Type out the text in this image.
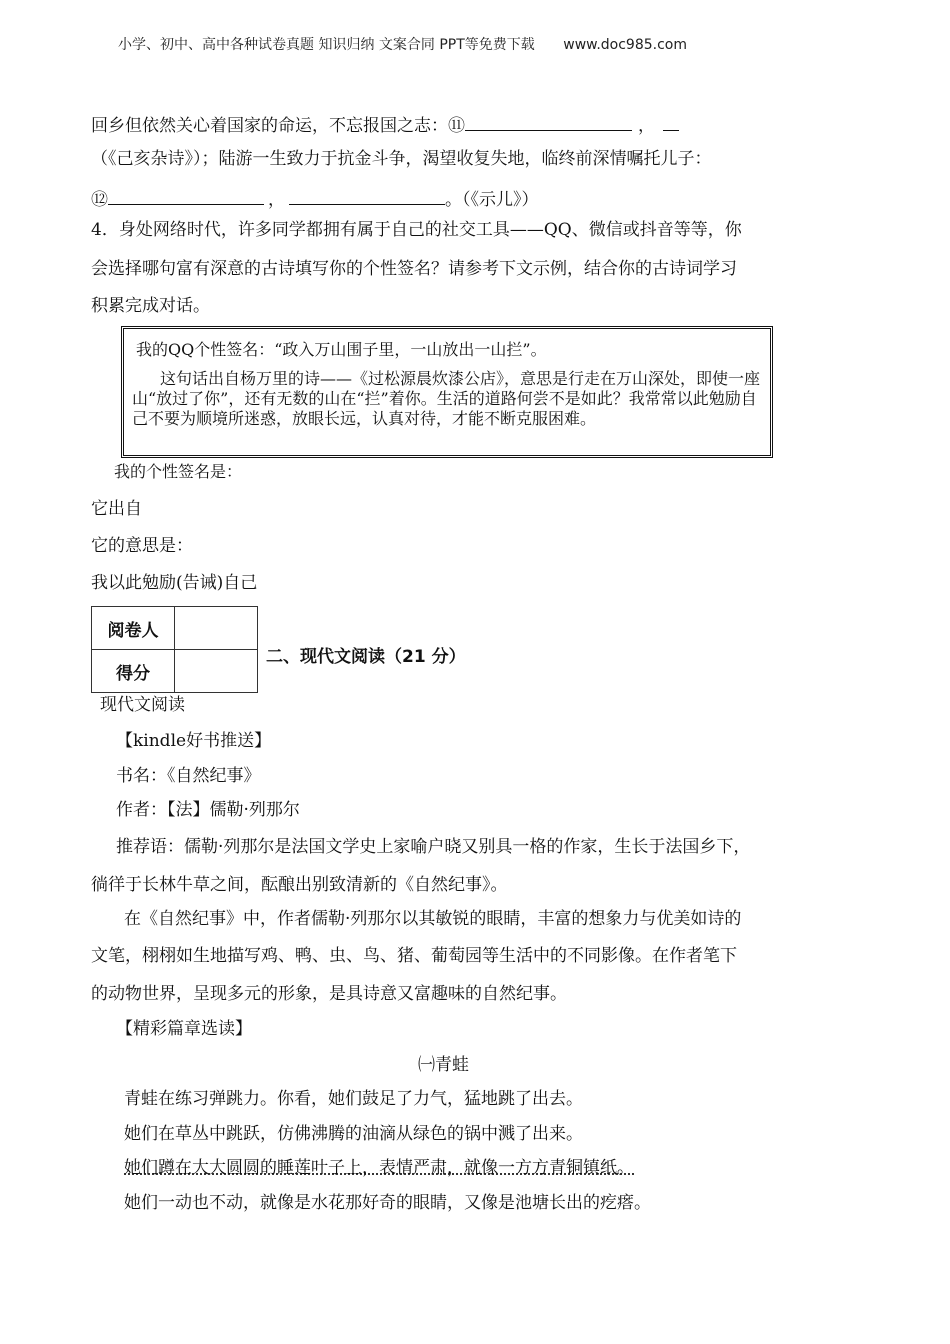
小学、初中、高中各种试卷真题 知识归纳 文案合同 PPT等免费下载 www.doc985.com
回乡但依然关心着国家的命运，不忘报国之志：⑪	，
（《己亥杂诗》）；陆游一生致力于抗金斗争，渴望收复失地，临终前深情嘱托儿子：
⑫	，	。（《示儿》）
4．身处网络时代，许多同学都拥有属于自己的社交工具——QQ、微信或抖音等等，你
会选择哪句富有深意的古诗填写你的个性签名？请参考下文示例，结合你的古诗词学习
积累完成对话。
我的QQ个性签名：“政入万山围子里，一山放出一山拦”。
这句话出自杨万里的诗——《过松源晨炊漆公店》，意思是行走在万山深处，即使一座山“放过了你”，还有无数的山在“拦”着你。生活的道路何尝不是如此？我常常以此勉励自己不要为顺境所迷惑，放眼长远，认真对待，才能不断克服困难。
我的个性签名是：
它出自
它的意思是：
我以此勉励(告诫)自己
阅卷人	
得分	
二、现代文阅读（21 分）
现代文阅读
【kindle好书推送】
书名：《自然纪事》
作者：【法】儒勒·列那尔
推荐语：儒勒·列那尔是法国文学史上家喻户晓又别具一格的作家，生长于法国乡下，
徜徉于长林牛草之间，酝酿出别致清新的《自然纪事》。
在《自然纪事》中，作者儒勒·列那尔以其敏锐的眼睛，丰富的想象力与优美如诗的
文笔，栩栩如生地描写鸡、鸭、虫、鸟、猪、葡萄园等生活中的不同影像。在作者笔下
的动物世界，呈现多元的形象，是具诗意又富趣味的自然纪事。
【精彩篇章选读】
㈠青蛙
青蛙在练习弹跳力。你看，她们鼓足了力气，猛地跳了出去。
她们在草丛中跳跃，仿佛沸腾的油滴从绿色的锅中溅了出来。
她们蹲在大大圆圆的睡莲叶子上，表情严肃，就像一方方青铜镇纸。
她们一动也不动，就像是水花那好奇的眼睛，又像是池塘长出的疙瘩。
